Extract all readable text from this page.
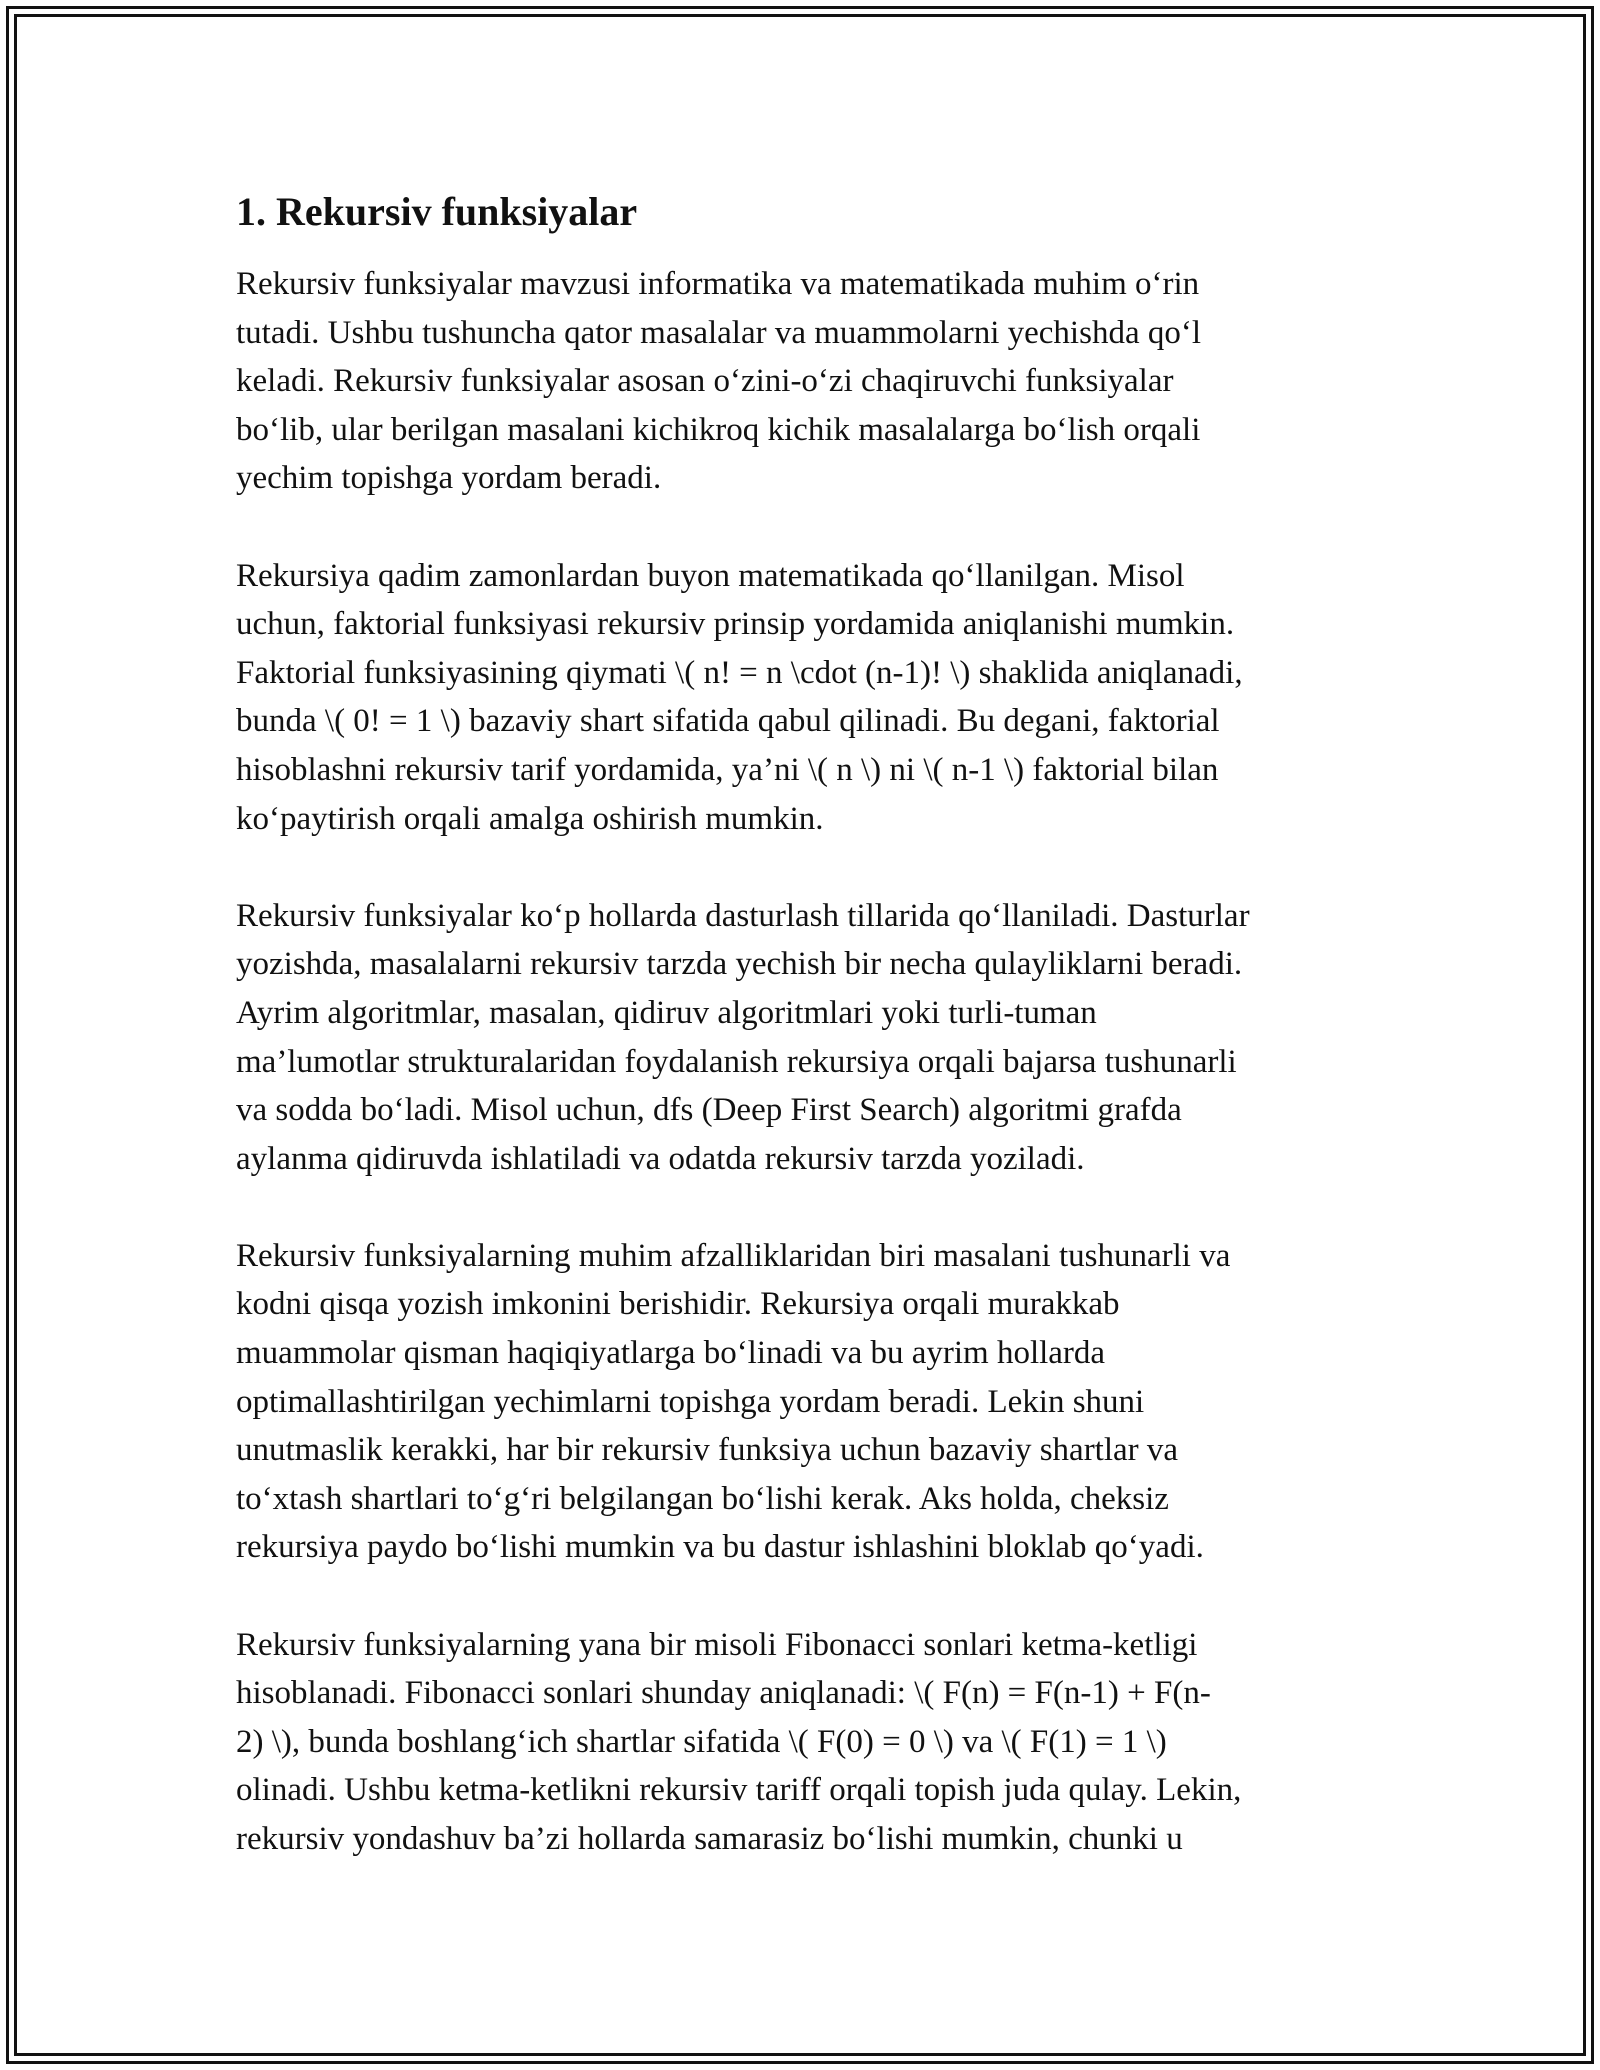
1. Rekursiv funksiyalar
Rekursiv funksiyalar mavzusi informatika va matematikada muhim o‘rin
tutadi. Ushbu tushuncha qator masalalar va muammolarni yechishda qo‘l
keladi. Rekursiv funksiyalar asosan o‘zini-o‘zi chaqiruvchi funksiyalar
bo‘lib, ular berilgan masalani kichikroq kichik masalalarga bo‘lish orqali
yechim topishga yordam beradi.
Rekursiya qadim zamonlardan buyon matematikada qo‘llanilgan. Misol
uchun, faktorial funksiyasi rekursiv prinsip yordamida aniqlanishi mumkin.
Faktorial funksiyasining qiymati \( n! = n \cdot (n-1)! \) shaklida aniqlanadi,
bunda \( 0! = 1 \) bazaviy shart sifatida qabul qilinadi. Bu degani, faktorial
hisoblashni rekursiv tarif yordamida, ya’ni \( n \) ni \( n-1 \) faktorial bilan
ko‘paytirish orqali amalga oshirish mumkin.
Rekursiv funksiyalar ko‘p hollarda dasturlash tillarida qo‘llaniladi. Dasturlar
yozishda, masalalarni rekursiv tarzda yechish bir necha qulayliklarni beradi.
Ayrim algoritmlar, masalan, qidiruv algoritmlari yoki turli-tuman
ma’lumotlar strukturalaridan foydalanish rekursiya orqali bajarsa tushunarli
va sodda bo‘ladi. Misol uchun, dfs (Deep First Search) algoritmi grafda
aylanma qidiruvda ishlatiladi va odatda rekursiv tarzda yoziladi.
Rekursiv funksiyalarning muhim afzalliklaridan biri masalani tushunarli va
kodni qisqa yozish imkonini berishidir. Rekursiya orqali murakkab
muammolar qisman haqiqiyatlarga bo‘linadi va bu ayrim hollarda
optimallashtirilgan yechimlarni topishga yordam beradi. Lekin shuni
unutmaslik kerakki, har bir rekursiv funksiya uchun bazaviy shartlar va
to‘xtash shartlari to‘g‘ri belgilangan bo‘lishi kerak. Aks holda, cheksiz
rekursiya paydo bo‘lishi mumkin va bu dastur ishlashini bloklab qo‘yadi.
Rekursiv funksiyalarning yana bir misoli Fibonacci sonlari ketma-ketligi
hisoblanadi. Fibonacci sonlari shunday aniqlanadi: \( F(n) = F(n-1) + F(n-
2) \), bunda boshlang‘ich shartlar sifatida \( F(0) = 0 \) va \( F(1) = 1 \)
olinadi. Ushbu ketma-ketlikni rekursiv tariff orqali topish juda qulay. Lekin,
rekursiv yondashuv ba’zi hollarda samarasiz bo‘lishi mumkin, chunki u
